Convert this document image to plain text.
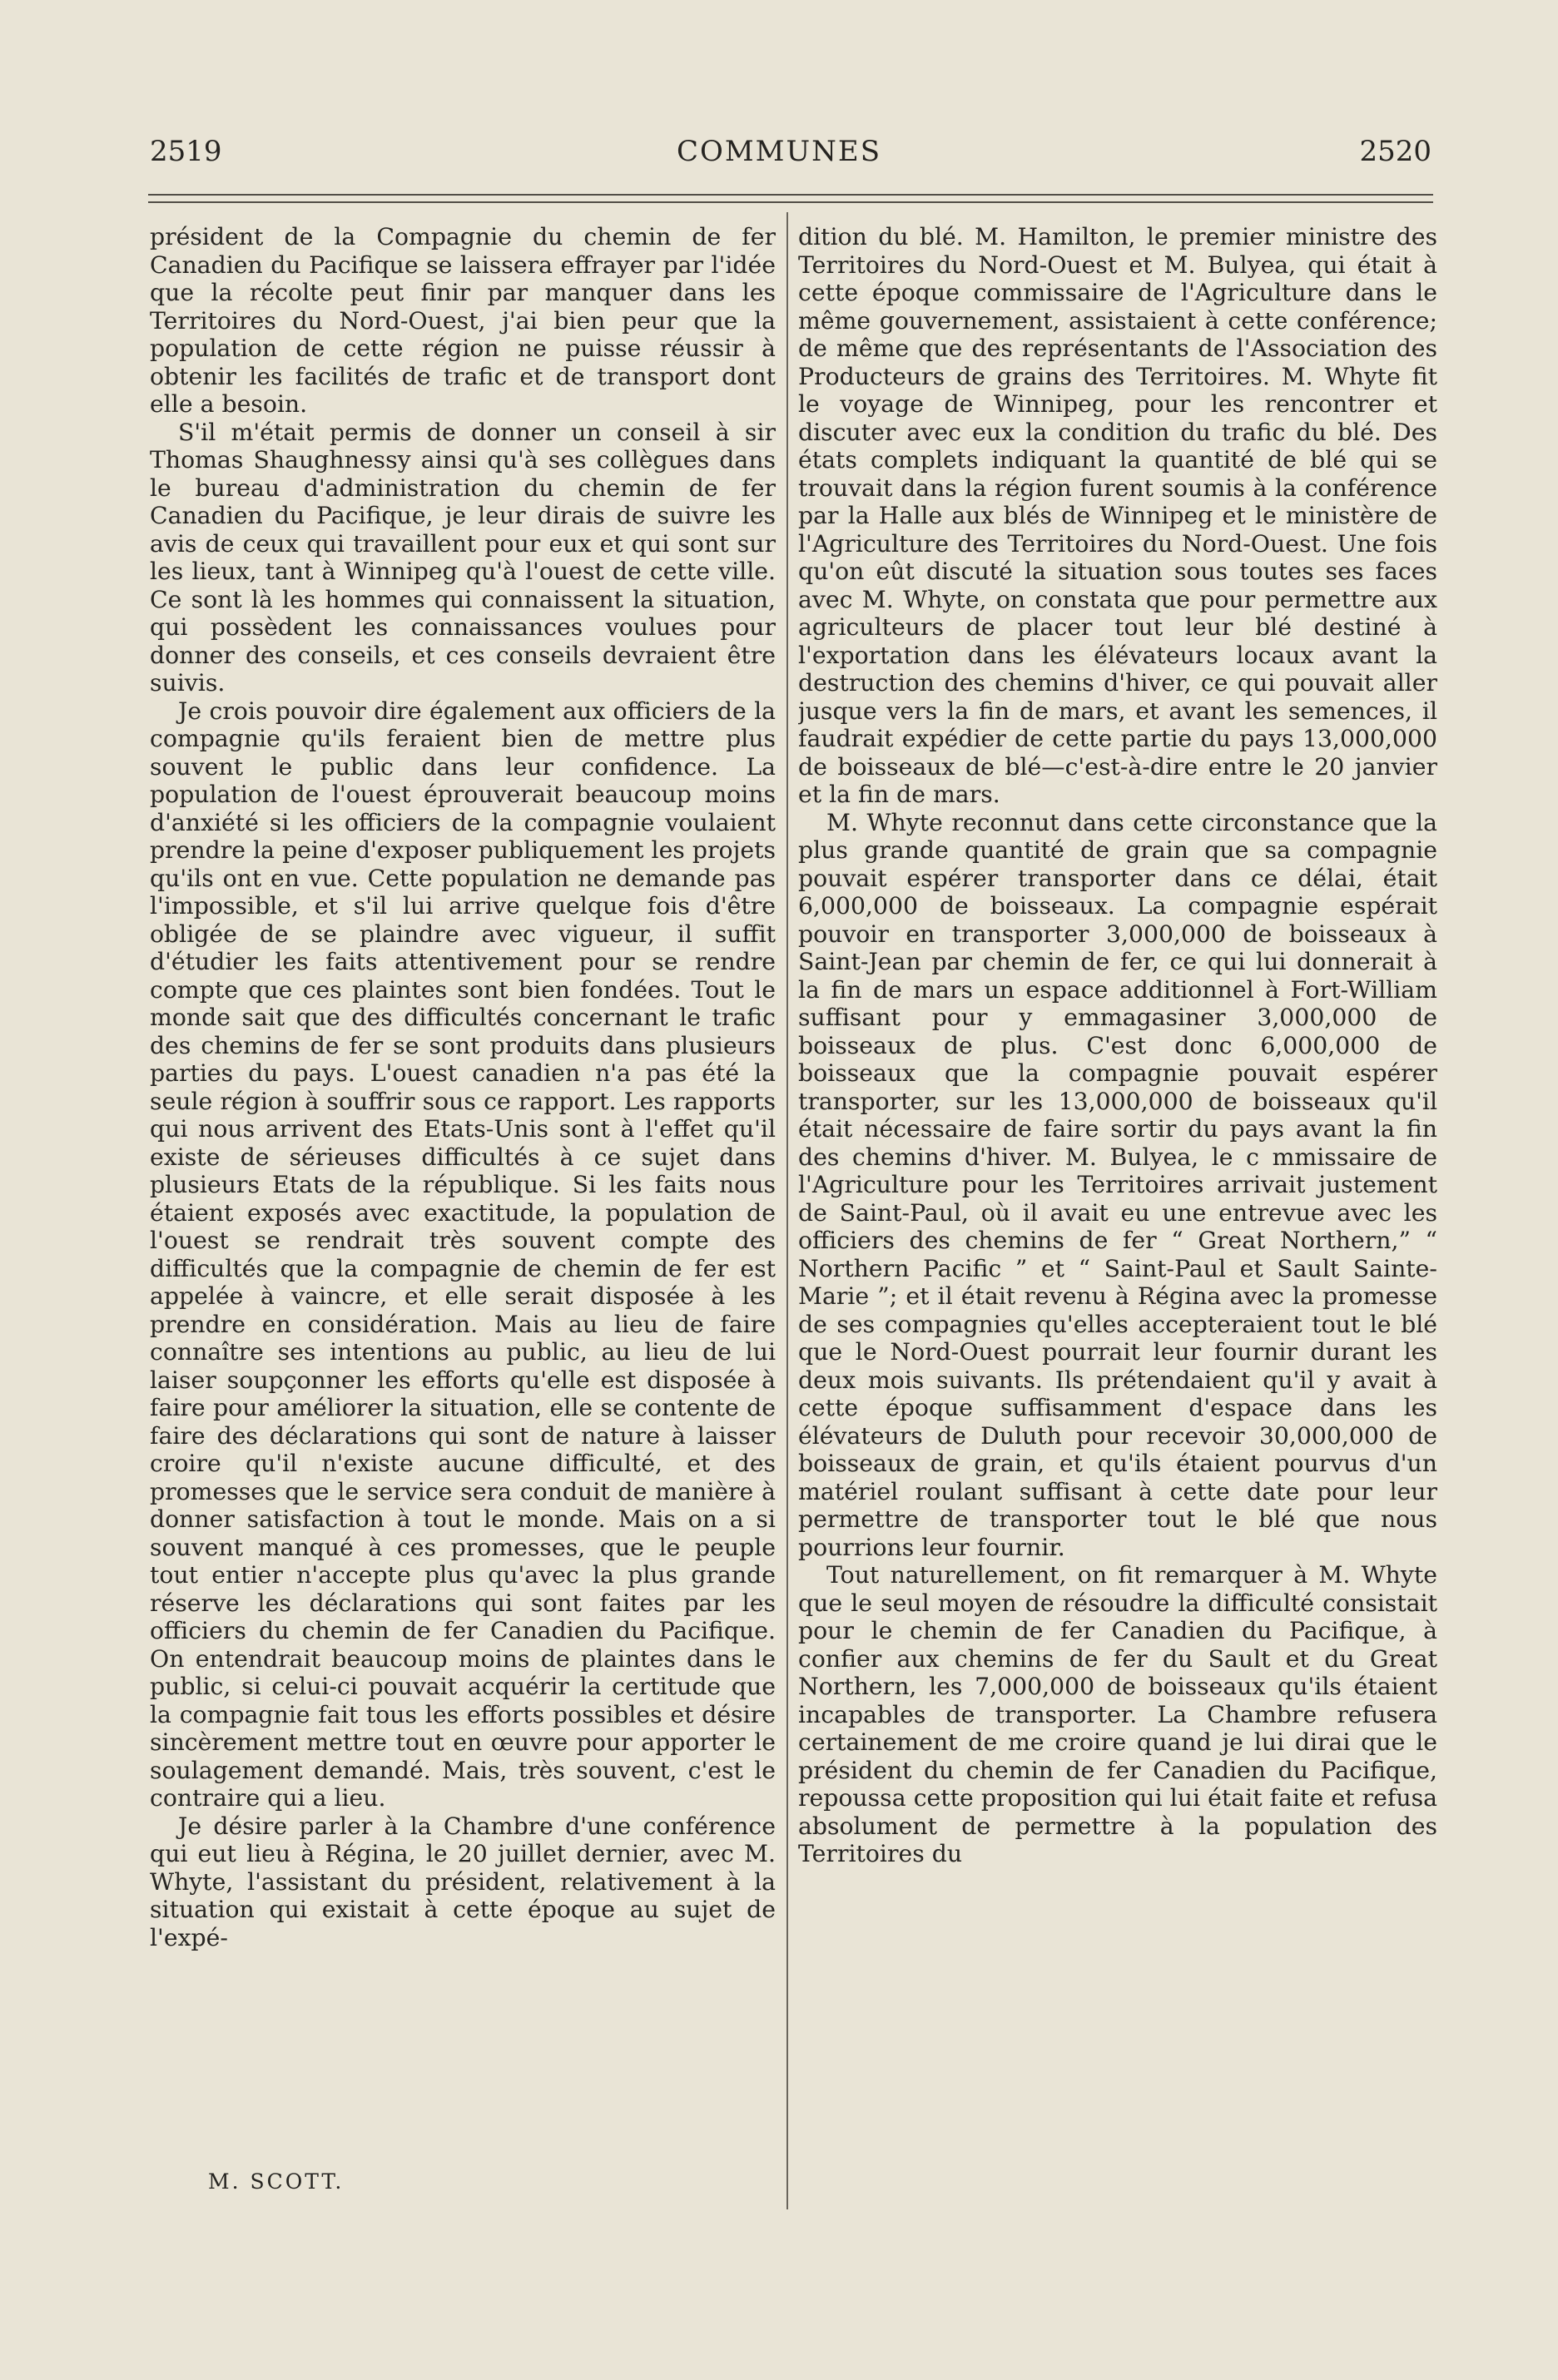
2519	COMMUNES	2520

président de la Compagnie du chemin de fer Canadien du Pacifique se laissera effrayer par l'idée que la récolte peut finir par manquer dans les Territoires du Nord-Ouest, j'ai bien peur que la population de cette région ne puisse réussir à obtenir les facilités de trafic et de transport dont elle a besoin.

S'il m'était permis de donner un conseil à sir Thomas Shaughnessy ainsi qu'à ses collègues dans le bureau d'administration du chemin de fer Canadien du Pacifique, je leur dirais de suivre les avis de ceux qui travaillent pour eux et qui sont sur les lieux, tant à Winnipeg qu'à l'ouest de cette ville. Ce sont là les hommes qui connaissent la situation, qui possèdent les connaissances voulues pour donner des conseils, et ces conseils devraient être suivis.

Je crois pouvoir dire également aux officiers de la compagnie qu'ils feraient bien de mettre plus souvent le public dans leur confidence. La population de l'ouest éprouverait beaucoup moins d'anxiété si les officiers de la compagnie voulaient prendre la peine d'exposer publiquement les projets qu'ils ont en vue. Cette population ne demande pas l'impossible, et s'il lui arrive quelque fois d'être obligée de se plaindre avec vigueur, il suffit d'étudier les faits attentivement pour se rendre compte que ces plaintes sont bien fondées. Tout le monde sait que des difficultés concernant le trafic des chemins de fer se sont produits dans plusieurs parties du pays. L'ouest canadien n'a pas été la seule région à souffrir sous ce rapport. Les rapports qui nous arrivent des Etats-Unis sont à l'effet qu'il existe de sérieuses difficultés à ce sujet dans plusieurs Etats de la république. Si les faits nous étaient exposés avec exactitude, la population de l'ouest se rendrait très souvent compte des difficultés que la compagnie de chemin de fer est appelée à vaincre, et elle serait disposée à les prendre en considération. Mais au lieu de faire connaître ses intentions au public, au lieu de lui laiser soupçonner les efforts qu'elle est disposée à faire pour améliorer la situation, elle se contente de faire des déclarations qui sont de nature à laisser croire qu'il n'existe aucune difficulté, et des promesses que le service sera conduit de manière à donner satisfaction à tout le monde. Mais on a si souvent manqué à ces promesses, que le peuple tout entier n'accepte plus qu'avec la plus grande réserve les déclarations qui sont faites par les officiers du chemin de fer Canadien du Pacifique. On entendrait beaucoup moins de plaintes dans le public, si celui-ci pouvait acquérir la certitude que la compagnie fait tous les efforts possibles et désire sincèrement mettre tout en œuvre pour apporter le soulagement demandé. Mais, très souvent, c'est le contraire qui a lieu.

Je désire parler à la Chambre d'une conférence qui eut lieu à Régina, le 20 juillet dernier, avec M. Whyte, l'assistant du président, relativement à la situation qui existait à cette époque au sujet de l'expé-

dition du blé. M. Hamilton, le premier ministre des Territoires du Nord-Ouest et M. Bulyea, qui était à cette époque commissaire de l'Agriculture dans le même gouvernement, assistaient à cette conférence; de même que des représentants de l'Association des Producteurs de grains des Territoires. M. Whyte fit le voyage de Winnipeg, pour les rencontrer et discuter avec eux la condition du trafic du blé. Des états complets indiquant la quantité de blé qui se trouvait dans la région furent soumis à la conférence par la Halle aux blés de Winnipeg et le ministère de l'Agriculture des Territoires du Nord-Ouest. Une fois qu'on eût discuté la situation sous toutes ses faces avec M. Whyte, on constata que pour permettre aux agriculteurs de placer tout leur blé destiné à l'exportation dans les élévateurs locaux avant la destruction des chemins d'hiver, ce qui pouvait aller jusque vers la fin de mars, et avant les semences, il faudrait expédier de cette partie du pays 13,000,000 de boisseaux de blé—c'est-à-dire entre le 20 janvier et la fin de mars.

M. Whyte reconnut dans cette circonstance que la plus grande quantité de grain que sa compagnie pouvait espérer transporter dans ce délai, était 6,000,000 de boisseaux. La compagnie espérait pouvoir en transporter 3,000,000 de boisseaux à Saint-Jean par chemin de fer, ce qui lui donnerait à la fin de mars un espace additionnel à Fort-William suffisant pour y emmagasiner 3,000,000 de boisseaux de plus. C'est donc 6,000,000 de boisseaux que la compagnie pouvait espérer transporter, sur les 13,000,000 de boisseaux qu'il était nécessaire de faire sortir du pays avant la fin des chemins d'hiver. M. Bulyea, le c mmissaire de l'Agriculture pour les Territoires arrivait justement de Saint-Paul, où il avait eu une entrevue avec les officiers des chemins de fer “ Great Northern,” “ Northern Pacific ” et “ Saint-Paul et Sault Sainte-Marie ”; et il était revenu à Régina avec la promesse de ses compagnies qu'elles accepteraient tout le blé que le Nord-Ouest pourrait leur fournir durant les deux mois suivants. Ils prétendaient qu'il y avait à cette époque suffisamment d'espace dans les élévateurs de Duluth pour recevoir 30,000,000 de boisseaux de grain, et qu'ils étaient pourvus d'un matériel roulant suffisant à cette date pour leur permettre de transporter tout le blé que nous pourrions leur fournir.

Tout naturellement, on fit remarquer à M. Whyte que le seul moyen de résoudre la difficulté consistait pour le chemin de fer Canadien du Pacifique, à confier aux chemins de fer du Sault et du Great Northern, les 7,000,000 de boisseaux qu'ils étaient incapables de transporter. La Chambre refusera certainement de me croire quand je lui dirai que le président du chemin de fer Canadien du Pacifique, repoussa cette proposition qui lui était faite et refusa absolument de permettre à la population des Territoires du

M. SCOTT.
